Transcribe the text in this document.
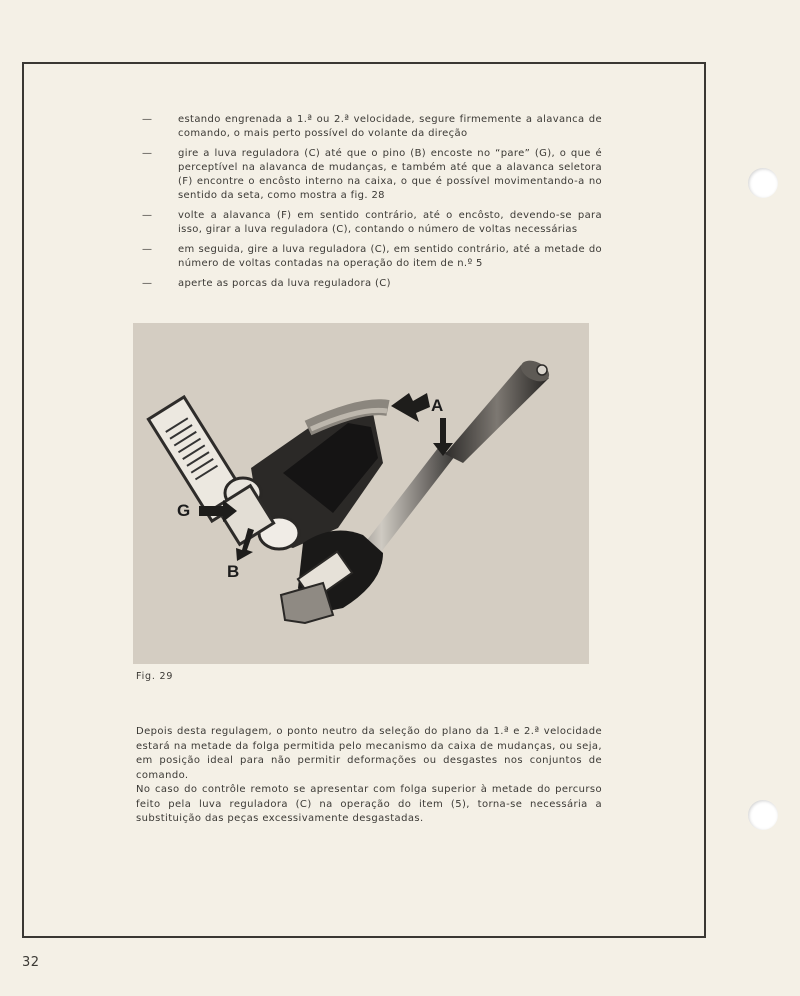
—	estando engrenada a 1.ª ou 2.ª velocidade, segure firmemente a alavanca de comando, o mais perto possível do volante da direção
—	gire a luva reguladora (C) até que o pino (B) encoste no “pare” (G), o que é perceptível na alavanca de mudanças, e também até que a alavanca seletora (F) encontre o encôsto interno na caixa, o que é possível movimentando-a no sentido da seta, como mostra a fig. 28
—	volte a alavanca (F) em sentido contrário, até o encôsto, devendo-se para isso, girar a luva reguladora (C), contando o número de voltas necessárias
—	em seguida, gire a luva reguladora (C), em sentido contrário, até a metade do número de voltas contadas na operação do item de n.º 5
—	aperte as porcas da luva reguladora (C)
A
G
B
Fig. 29
Depois desta regulagem, o ponto neutro da seleção do plano da 1.ª e 2.ª velocidade estará na metade da folga permitida pelo mecanismo da caixa de mudanças, ou seja, em posição ideal para não permitir deformações ou desgastes nos conjuntos de comando.
No caso do contrôle remoto se apresentar com folga superior à metade do percurso feito pela luva reguladora (C) na operação do item (5), torna-se necessária a substituição das peças excessivamente desgastadas.
32
